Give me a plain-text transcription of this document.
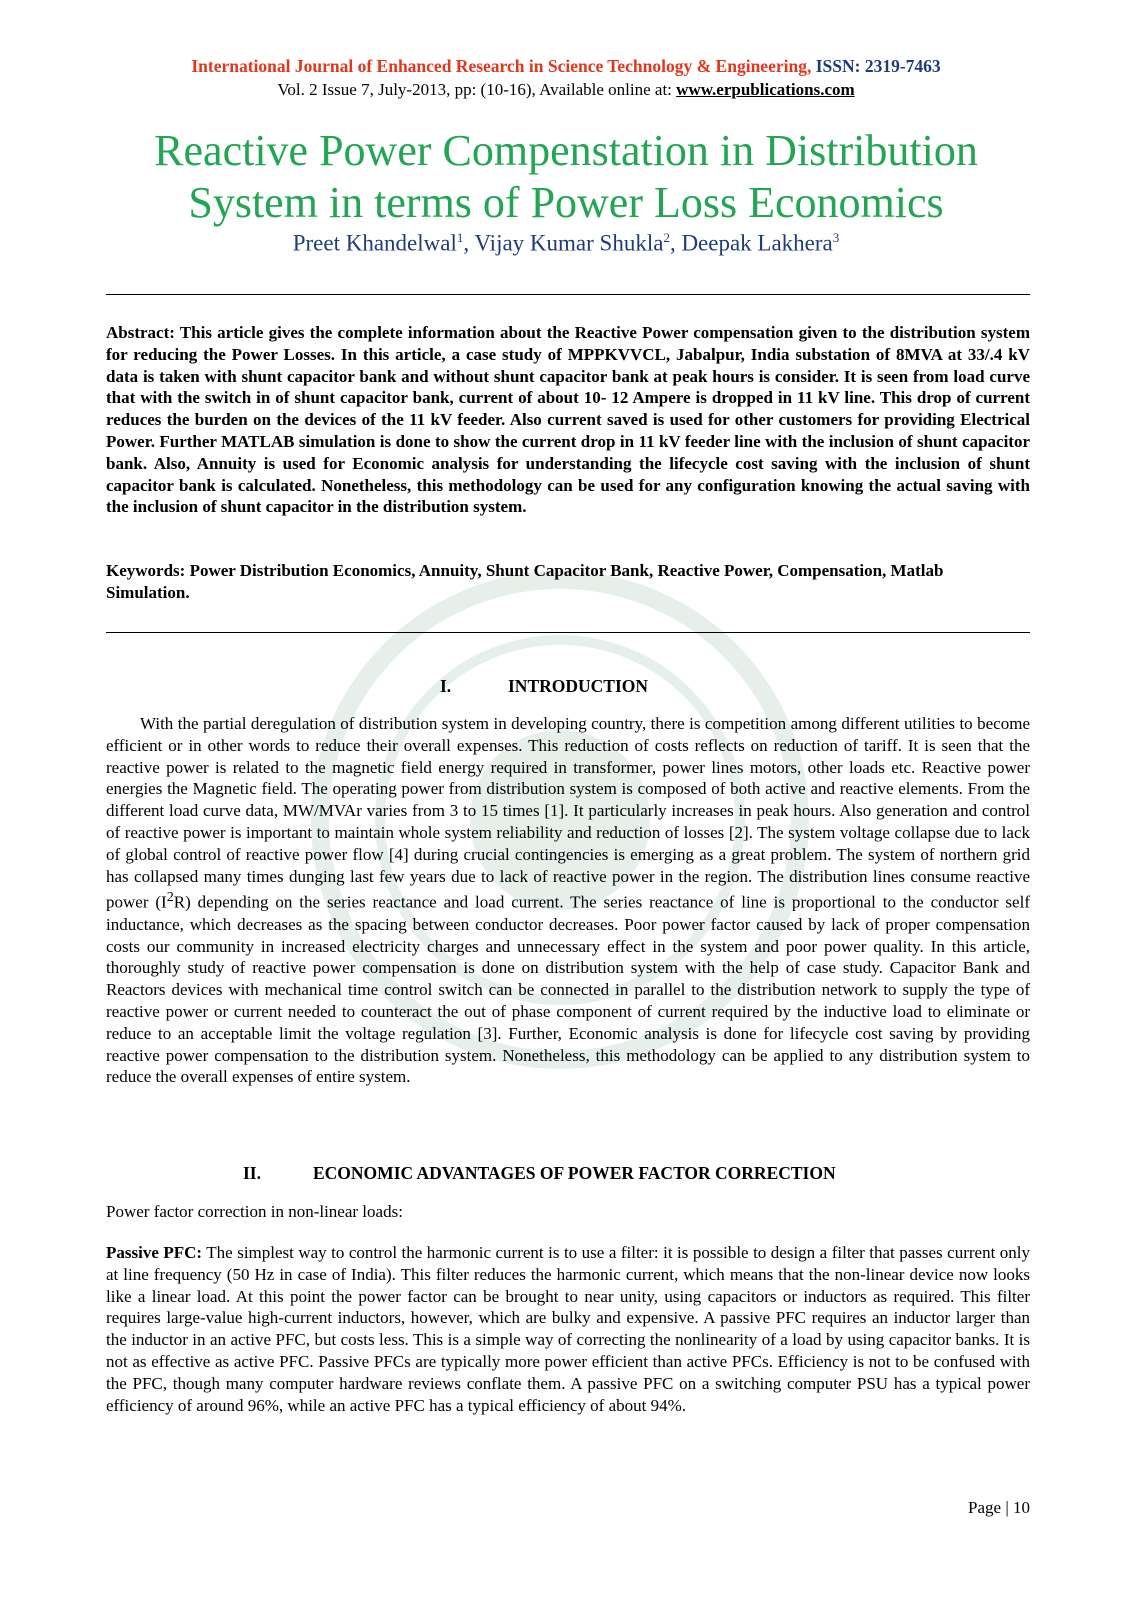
International Journal of Enhanced Research in Science Technology & Engineering, ISSN: 2319-7463
Vol. 2 Issue 7, July-2013, pp: (10-16), Available online at: www.erpublications.com
Reactive Power Compenstation in Distribution
System in terms of Power Loss Economics
Preet Khandelwal$^1$, Vijay Kumar Shukla$^2$, Deepak Lakhera$^3$
Abstract: This article gives the complete information about the Reactive Power compensation given to the distribution system for reducing the Power Losses. In this article, a case study of MPPKVVCL, Jabalpur, India substation of 8MVA at 33/.4 kV data is taken with shunt capacitor bank and without shunt capacitor bank at peak hours is consider. It is seen from load curve that with the switch in of shunt capacitor bank, current of about 10- 12 Ampere is dropped in 11 kV line. This drop of current reduces the burden on the devices of the 11 kV feeder. Also current saved is used for other customers for providing Electrical Power. Further MATLAB simulation is done to show the current drop in 11 kV feeder line with the inclusion of shunt capacitor bank. Also, Annuity is used for Economic analysis for understanding the lifecycle cost saving with the inclusion of shunt capacitor bank is calculated. Nonetheless, this methodology can be used for any configuration knowing the actual saving with the inclusion of shunt capacitor in the distribution system.
Keywords: Power Distribution Economics, Annuity, Shunt Capacitor Bank, Reactive Power, Compensation, Matlab Simulation.
I.	INTRODUCTION
With the partial deregulation of distribution system in developing country, there is competition among different utilities to become efficient or in other words to reduce their overall expenses. This reduction of costs reflects on reduction of tariff. It is seen that the reactive power is related to the magnetic field energy required in transformer, power lines motors, other loads etc. Reactive power energies the Magnetic field. The operating power from distribution system is composed of both active and reactive elements. From the different load curve data, MW/MVAr varies from 3 to 15 times [1]. It particularly increases in peak hours. Also generation and control of reactive power is important to maintain whole system reliability and reduction of losses [2]. The system voltage collapse due to lack of global control of reactive power flow [4] during crucial contingencies is emerging as a great problem. The system of northern grid has collapsed many times dunging last few years due to lack of reactive power in the region. The distribution lines consume reactive power $(I^2R)$ depending on the series reactance and load current. The series reactance of line is proportional to the conductor self inductance, which decreases as the spacing between conductor decreases. Poor power factor caused by lack of proper compensation costs our community in increased electricity charges and unnecessary effect in the system and poor power quality. In this article, thoroughly study of reactive power compensation is done on distribution system with the help of case study. Capacitor Bank and Reactors devices with mechanical time control switch can be connected in parallel to the distribution network to supply the type of reactive power or current needed to counteract the out of phase component of current required by the inductive load to eliminate or reduce to an acceptable limit the voltage regulation [3]. Further, Economic analysis is done for lifecycle cost saving by providing reactive power compensation to the distribution system. Nonetheless, this methodology can be applied to any distribution system to reduce the overall expenses of entire system.
II.	ECONOMIC ADVANTAGES OF POWER FACTOR CORRECTION
Power factor correction in non-linear loads:
Passive PFC: The simplest way to control the harmonic current is to use a filter: it is possible to design a filter that passes current only at line frequency (50 Hz in case of India). This filter reduces the harmonic current, which means that the non-linear device now looks like a linear load. At this point the power factor can be brought to near unity, using capacitors or inductors as required. This filter requires large-value high-current inductors, however, which are bulky and expensive. A passive PFC requires an inductor larger than the inductor in an active PFC, but costs less. This is a simple way of correcting the nonlinearity of a load by using capacitor banks. It is not as effective as active PFC. Passive PFCs are typically more power efficient than active PFCs. Efficiency is not to be confused with the PFC, though many computer hardware reviews conflate them. A passive PFC on a switching computer PSU has a typical power efficiency of around 96%, while an active PFC has a typical efficiency of about 94%.
Page | 10
